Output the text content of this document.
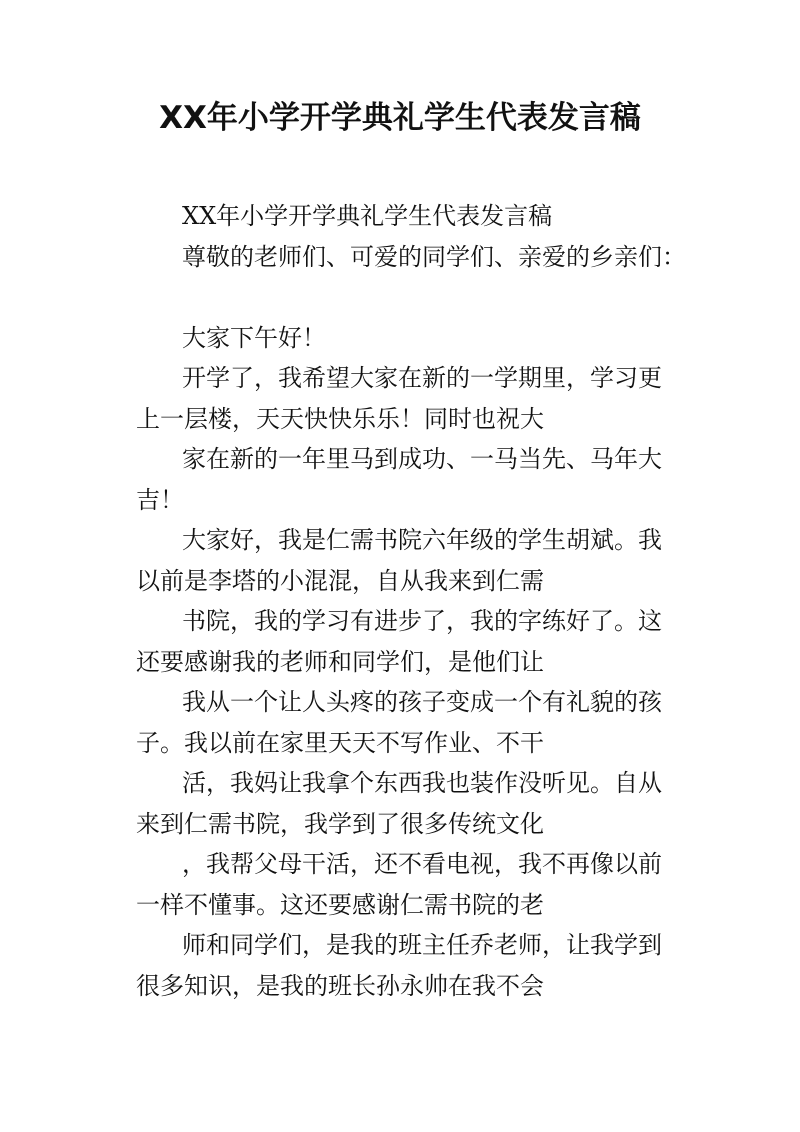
XX年小学开学典礼学生代表发言稿

XX年小学开学典礼学生代表发言稿

尊敬的老师们、可爱的同学们、亲爱的乡亲们：

大家下午好！

开学了，我希望大家在新的一学期里，学习更

上一层楼，天天快快乐乐！同时也祝大

家在新的一年里马到成功、一马当先、马年大

吉！

大家好，我是仁需书院六年级的学生胡斌。我

以前是李塔的小混混，自从我来到仁需

书院，我的学习有进步了，我的字练好了。这

还要感谢我的老师和同学们，是他们让

我从一个让人头疼的孩子变成一个有礼貌的孩

子。我以前在家里天天不写作业、不干

活，我妈让我拿个东西我也装作没听见。自从

来到仁需书院，我学到了很多传统文化

，我帮父母干活，还不看电视，我不再像以前

一样不懂事。这还要感谢仁需书院的老

师和同学们，是我的班主任乔老师，让我学到

很多知识，是我的班长孙永帅在我不会
